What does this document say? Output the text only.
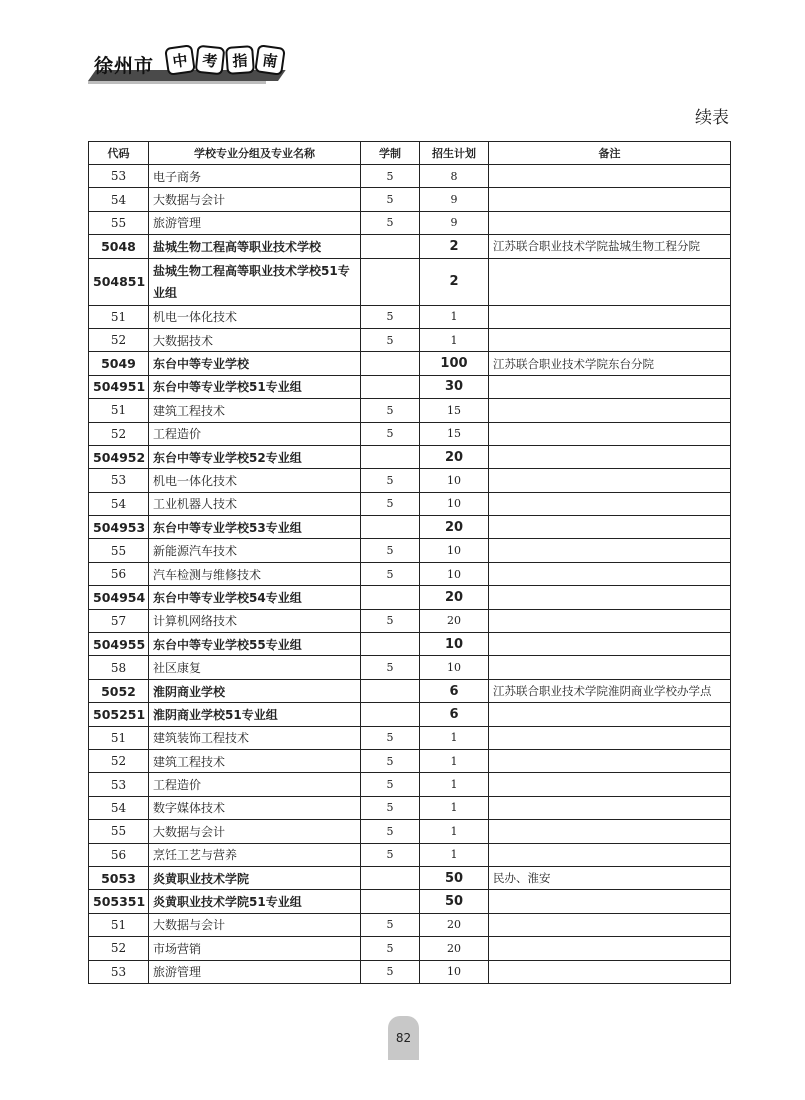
徐州市	中 考 指 南
续表
代码	学校专业分组及专业名称	学制	招生计划	备注
53	电子商务	5	8	
54	大数据与会计	5	9	
55	旅游管理	5	9	
5048	盐城生物工程高等职业技术学校		2	江苏联合职业技术学院盐城生物工程分院
504851	盐城生物工程高等职业技术学校51专业组		2	
51	机电一体化技术	5	1	
52	大数据技术	5	1	
5049	东台中等专业学校		100	江苏联合职业技术学院东台分院
504951	东台中等专业学校51专业组		30	
51	建筑工程技术	5	15	
52	工程造价	5	15	
504952	东台中等专业学校52专业组		20	
53	机电一体化技术	5	10	
54	工业机器人技术	5	10	
504953	东台中等专业学校53专业组		20	
55	新能源汽车技术	5	10	
56	汽车检测与维修技术	5	10	
504954	东台中等专业学校54专业组		20	
57	计算机网络技术	5	20	
504955	东台中等专业学校55专业组		10	
58	社区康复	5	10	
5052	淮阴商业学校		6	江苏联合职业技术学院淮阴商业学校办学点
505251	淮阴商业学校51专业组		6	
51	建筑装饰工程技术	5	1	
52	建筑工程技术	5	1	
53	工程造价	5	1	
54	数字媒体技术	5	1	
55	大数据与会计	5	1	
56	烹饪工艺与营养	5	1	
5053	炎黄职业技术学院		50	民办、淮安
505351	炎黄职业技术学院51专业组		50	
51	大数据与会计	5	20	
52	市场营销	5	20	
53	旅游管理	5	10	
82
